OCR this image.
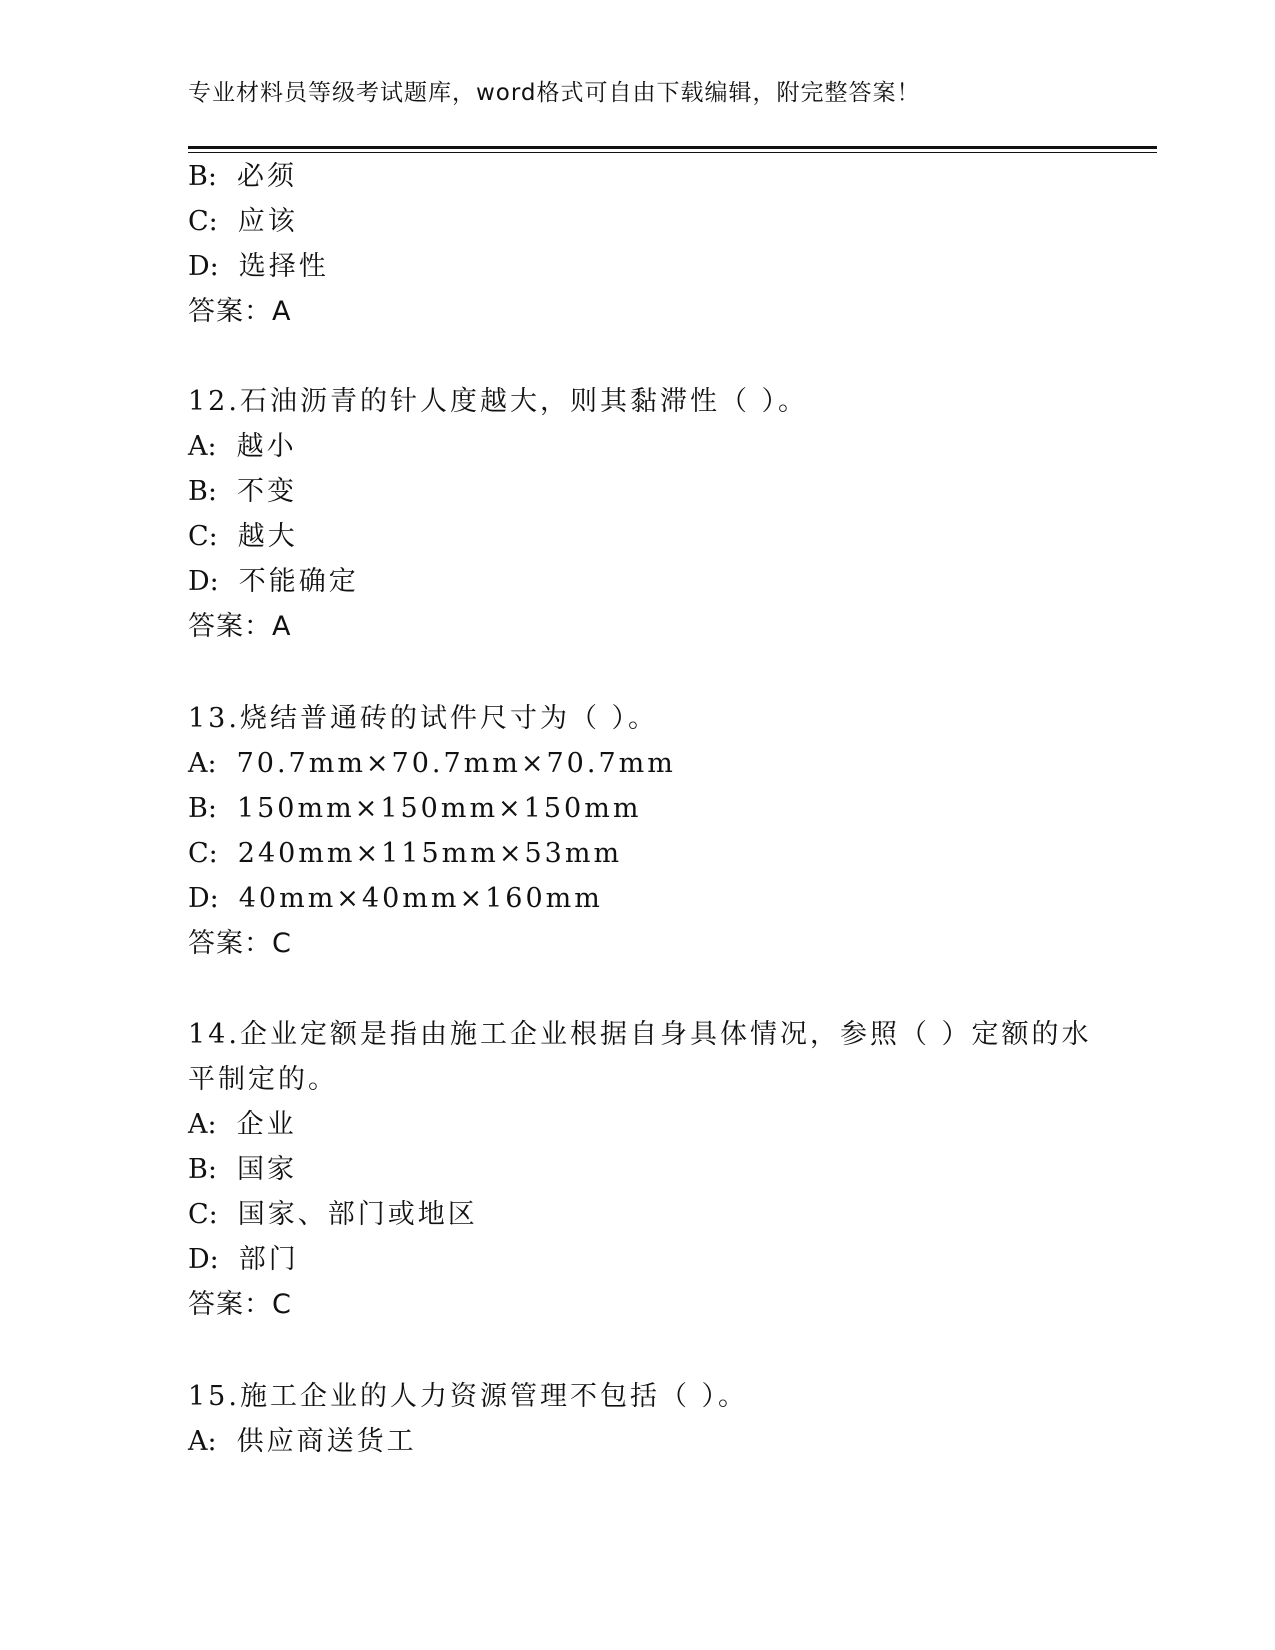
专业材料员等级考试题库，word格式可自由下载编辑，附完整答案！
B: 必须
C: 应该
D: 选择性
答案：A
12.石油沥青的针人度越大，则其黏滞性（ ）。
A: 越小
B: 不变
C: 越大
D: 不能确定
答案：A
13.烧结普通砖的试件尺寸为（ ）。
A: 70.7mm×70.7mm×70.7mm
B: 150mm×150mm×150mm
C: 240mm×115mm×53mm
D: 40mm×40mm×160mm
答案：C
14.企业定额是指由施工企业根据自身具体情况，参照（ ）定额的水
平制定的。
A: 企业
B: 国家
C: 国家、部门或地区
D: 部门
答案：C
15.施工企业的人力资源管理不包括（ ）。
A: 供应商送货工
